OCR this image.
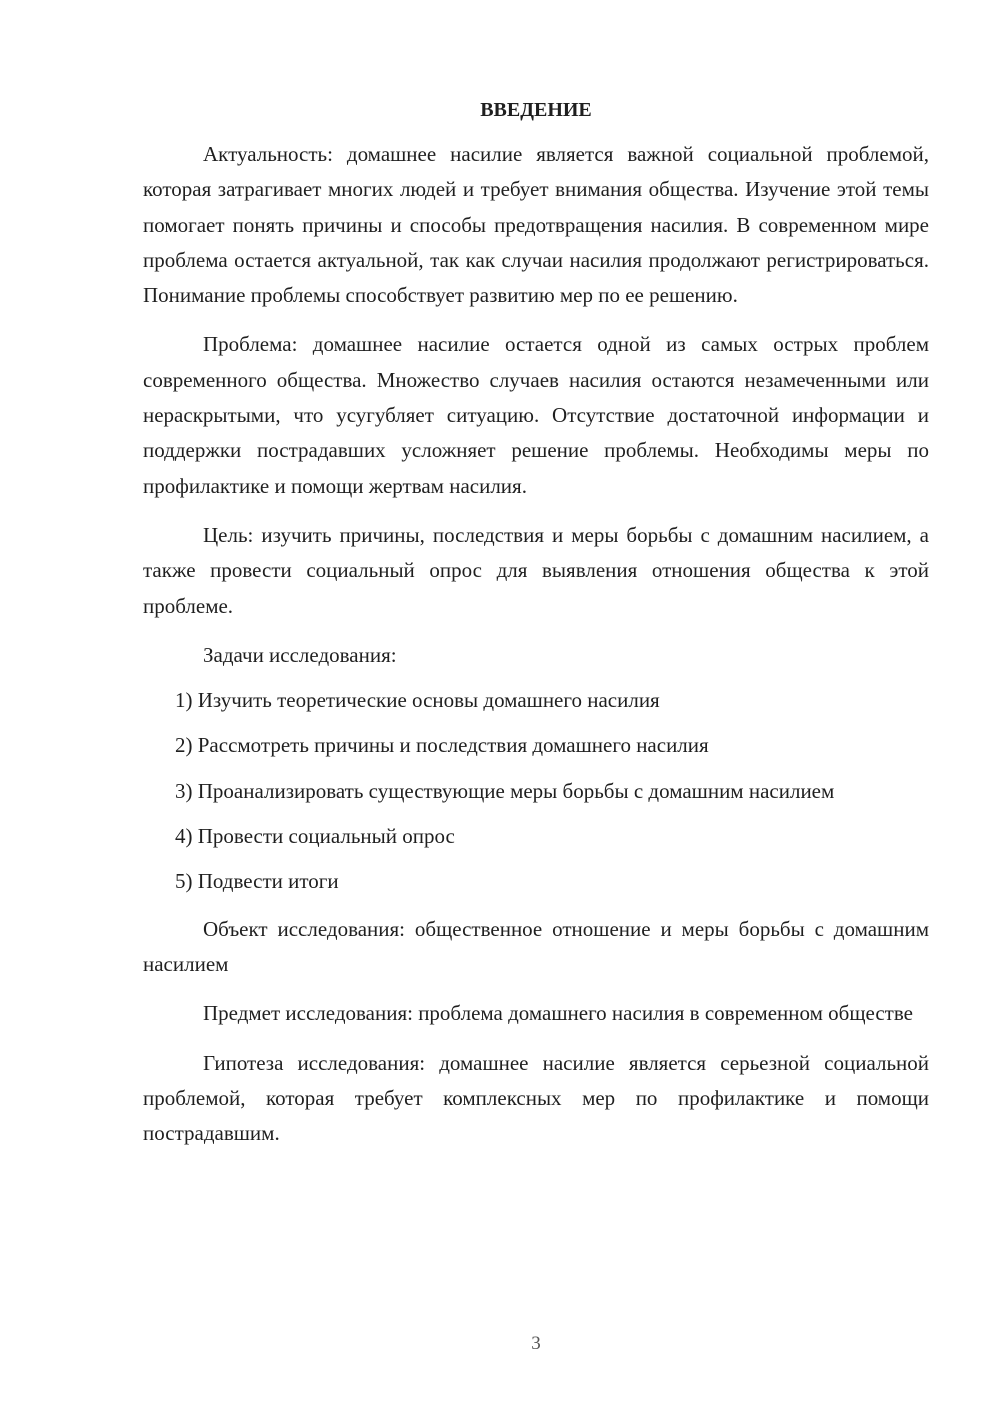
ВВЕДЕНИЕ

Актуальность: домашнее насилие является важной социальной проблемой, которая затрагивает многих людей и требует внимания общества. Изучение этой темы помогает понять причины и способы предотвращения насилия. В современном мире проблема остается актуальной, так как случаи насилия продолжают регистрироваться. Понимание проблемы способствует развитию мер по ее решению.

Проблема: домашнее насилие остается одной из самых острых проблем современного общества. Множество случаев насилия остаются незамеченными или нераскрытыми, что усугубляет ситуацию. Отсутствие достаточной информации и поддержки пострадавших усложняет решение проблемы. Необходимы меры по профилактике и помощи жертвам насилия.

Цель: изучить причины, последствия и меры борьбы с домашним насилием, а также провести социальный опрос для выявления отношения общества к этой проблеме.

Задачи исследования:

1) Изучить теоретические основы домашнего насилия

2) Рассмотреть причины и последствия домашнего насилия

3) Проанализировать существующие меры борьбы с домашним насилием

4) Провести социальный опрос

5) Подвести итоги

Объект исследования: общественное отношение и меры борьбы с домашним насилием

Предмет исследования: проблема домашнего насилия в современном обществе

Гипотеза исследования: домашнее насилие является серьезной социальной проблемой, которая требует комплексных мер по профилактике и помощи пострадавшим.

3
